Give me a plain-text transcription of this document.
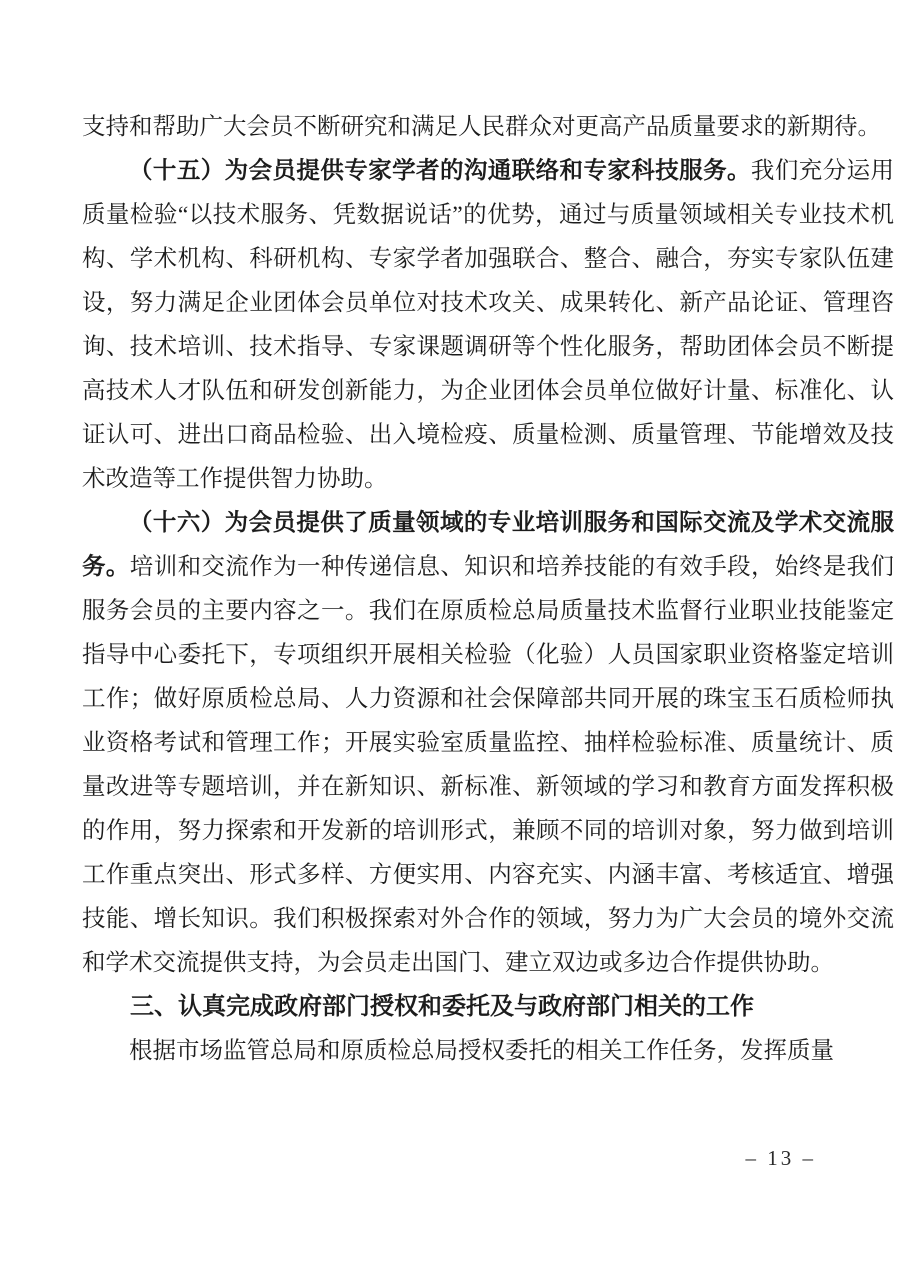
支持和帮助广大会员不断研究和满足人民群众对更高产品质量要求的新期待。

（十五）为会员提供专家学者的沟通联络和专家科技服务。我们充分运用质量检验“以技术服务、凭数据说话”的优势，通过与质量领域相关专业技术机构、学术机构、科研机构、专家学者加强联合、整合、融合，夯实专家队伍建设，努力满足企业团体会员单位对技术攻关、成果转化、新产品论证、管理咨询、技术培训、技术指导、专家课题调研等个性化服务，帮助团体会员不断提高技术人才队伍和研发创新能力，为企业团体会员单位做好计量、标准化、认证认可、进出口商品检验、出入境检疫、质量检测、质量管理、节能增效及技术改造等工作提供智力协助。

（十六）为会员提供了质量领域的专业培训服务和国际交流及学术交流服务。培训和交流作为一种传递信息、知识和培养技能的有效手段，始终是我们服务会员的主要内容之一。我们在原质检总局质量技术监督行业职业技能鉴定指导中心委托下，专项组织开展相关检验（化验）人员国家职业资格鉴定培训工作；做好原质检总局、人力资源和社会保障部共同开展的珠宝玉石质检师执业资格考试和管理工作；开展实验室质量监控、抽样检验标准、质量统计、质量改进等专题培训，并在新知识、新标准、新领域的学习和教育方面发挥积极的作用，努力探索和开发新的培训形式，兼顾不同的培训对象，努力做到培训工作重点突出、形式多样、方便实用、内容充实、内涵丰富、考核适宜、增强技能、增长知识。我们积极探索对外合作的领域，努力为广大会员的境外交流和学术交流提供支持，为会员走出国门、建立双边或多边合作提供协助。

三、认真完成政府部门授权和委托及与政府部门相关的工作

根据市场监管总局和原质检总局授权委托的相关工作任务，发挥质量

– 13 –
